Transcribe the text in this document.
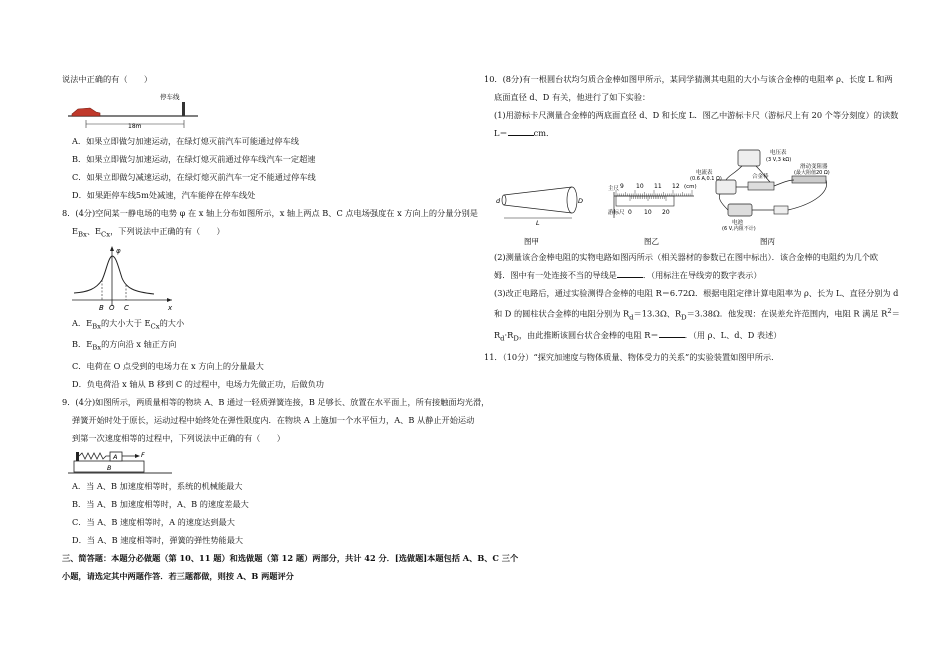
说法中正确的有（　　）
18m
停车线
A．如果立即做匀加速运动，在绿灯熄灭前汽车可能通过停车线
B．如果立即做匀加速运动，在绿灯熄灭前通过停车线汽车一定超速
C．如果立即做匀减速运动，在绿灯熄灭前汽车一定不能通过停车线
D．如果距停车线5m处减速，汽车能停在停车线处
8．(4分)空间某一静电场的电势 φ 在 x 轴上分布如图所示，x 轴上两点 B、C 点电场强度在 x 方向上的分量分别是
$E_{Bx}$、$E_{Cx}$，下列说法中正确的有（　　）
φ
x
B O C
A．$E_{Bx}$的大小大于 $E_{Cx}$的大小
B．$E_{Bx}$的方向沿 x 轴正方向
C．电荷在 O 点受到的电场力在 x 方向上的分量最大
D．负电荷沿 x 轴从 B 移到 C 的过程中，电场力先做正功，后做负功
9．(4分)如图所示，两质量相等的物块 A、B 通过一轻质弹簧连接，B 足够长、放置在水平面上，所有接触面均光滑，
弹簧开始时处于原长，运动过程中始终处在弹性限度内．在物块 A 上施加一个水平恒力，A、B 从静止开始运动
到第一次速度相等的过程中，下列说法中正确的有（　　）
A
B
F
A．当 A、B 加速度相等时，系统的机械能最大
B．当 A、B 加速度相等时，A、B 的速度差最大
C．当 A、B 速度相等时，A 的速度达到最大
D．当 A、B 速度相等时，弹簧的弹性势能最大
三、简答题：本题分必做题（第 10、11 题）和选做题（第 12 题）两部分，共计 42 分．[选做题]本题包括 A、B、C 三个
小题，请选定其中两题作答．若三题都做，则按 A、B 两题评分
10．(8分)有一根圆台状均匀质合金棒如图甲所示，某同学猜测其电阻的大小与该合金棒的电阻率 ρ、长度 L 和两
底面直径 d、D 有关，他进行了如下实验：
(1)用游标卡尺测量合金棒的两底面直径 d、D 和长度 L．图乙中游标卡尺（游标尺上有 20 个等分刻度）的读数
L＝	cm．
d	D
L
图甲
主尺
游标尺
9 10 11 12 (cm)
0 10 20
图乙
电压表
(3 V,3 kΩ)
电流表
(0.6 A,0.1 Ω)	合金棒
滑动变阻器
(最大阻值20 Ω)
电池
(6 V,内阻不计)
图丙
(2)测量该合金棒电阻的实物电路如图丙所示（相关器材的参数已在图中标出）．该合金棒的电阻约为几个欧
姆．图中有一处连接不当的导线是	．（用标注在导线旁的数字表示）
(3)改正电路后，通过实验测得合金棒的电阻 R＝6.72Ω．根据电阻定律计算电阻率为 ρ、长为 L、直径分别为 d
和 D 的圆柱状合金棒的电阻分别为 $R_d=13.3\Omega$、$R_D=3.38\Omega$．他发现：在误差允许范围内，电阻 R 满足 $R^2=$
$R_d\cdot R_D$，由此推断该圆台状合金棒的电阻 R＝	．（用 ρ、L、d、D 表述）
11．（10分）“探究加速度与物体质量、物体受力的关系”的实验装置如图甲所示．
